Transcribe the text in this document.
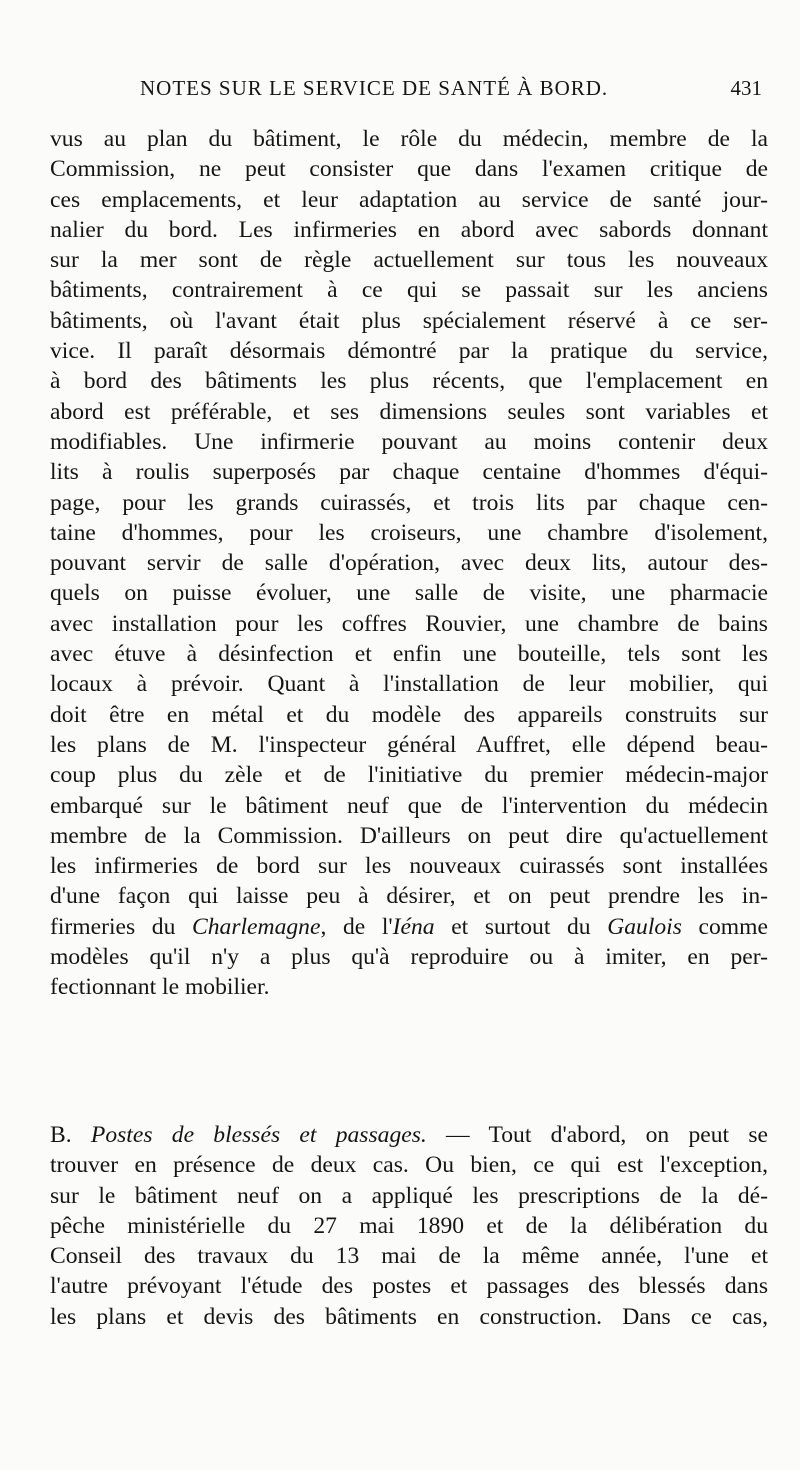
NOTES SUR LE SERVICE DE SANTÉ À BORD.	431
vus au plan du bâtiment, le rôle du médecin, membre de la
Commission, ne peut consister que dans l'examen critique de
ces emplacements, et leur adaptation au service de santé jour-
nalier du bord. Les infirmeries en abord avec sabords donnant
sur la mer sont de règle actuellement sur tous les nouveaux
bâtiments, contrairement à ce qui se passait sur les anciens
bâtiments, où l'avant était plus spécialement réservé à ce ser-
vice. Il paraît désormais démontré par la pratique du service,
à bord des bâtiments les plus récents, que l'emplacement en
abord est préférable, et ses dimensions seules sont variables et
modifiables. Une infirmerie pouvant au moins contenir deux
lits à roulis superposés par chaque centaine d'hommes d'équi-
page, pour les grands cuirassés, et trois lits par chaque cen-
taine d'hommes, pour les croiseurs, une chambre d'isolement,
pouvant servir de salle d'opération, avec deux lits, autour des-
quels on puisse évoluer, une salle de visite, une pharmacie
avec installation pour les coffres Rouvier, une chambre de bains
avec étuve à désinfection et enfin une bouteille, tels sont les
locaux à prévoir. Quant à l'installation de leur mobilier, qui
doit être en métal et du modèle des appareils construits sur
les plans de M. l'inspecteur général Auffret, elle dépend beau-
coup plus du zèle et de l'initiative du premier médecin-major
embarqué sur le bâtiment neuf que de l'intervention du médecin
membre de la Commission. D'ailleurs on peut dire qu'actuellement
les infirmeries de bord sur les nouveaux cuirassés sont installées
d'une façon qui laisse peu à désirer, et on peut prendre les in-
firmeries du Charlemagne, de l'Iéna et surtout du Gaulois comme
modèles qu'il n'y a plus qu'à reproduire ou à imiter, en per-
fectionnant le mobilier.
B. Postes de blessés et passages. — Tout d'abord, on peut se
trouver en présence de deux cas. Ou bien, ce qui est l'exception,
sur le bâtiment neuf on a appliqué les prescriptions de la dé-
pêche ministérielle du 27 mai 1890 et de la délibération du
Conseil des travaux du 13 mai de la même année, l'une et
l'autre prévoyant l'étude des postes et passages des blessés dans
les plans et devis des bâtiments en construction. Dans ce cas,
